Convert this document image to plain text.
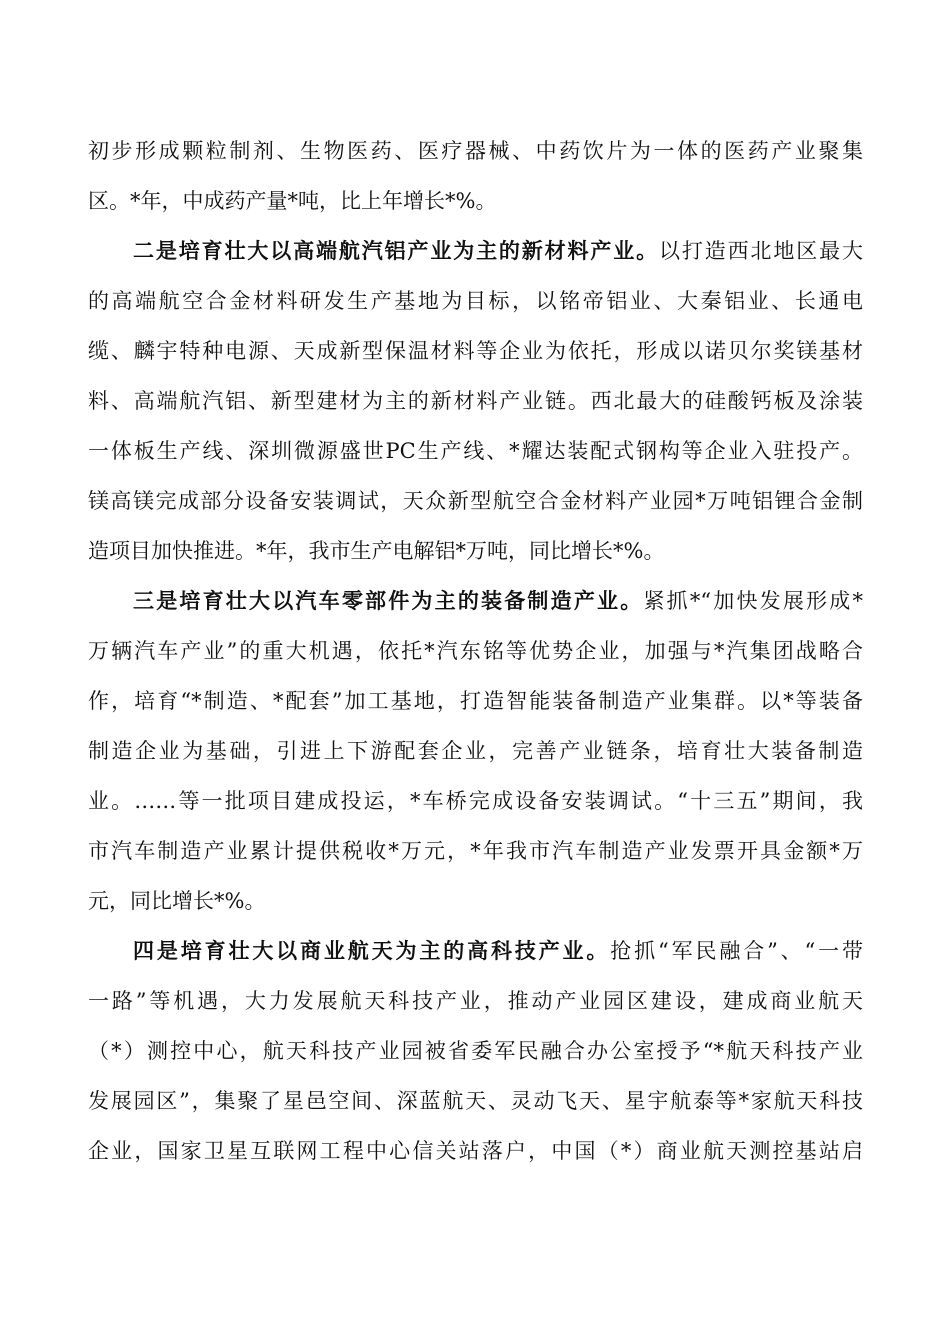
初步形成颗粒制剂、生物医药、医疗器械、中药饮片为一体的医药产业聚集
区。*年，中成药产量*吨，比上年增长*%。
二是培育壮大以高端航汽铝产业为主的新材料产业。以打造西北地区最大
的高端航空合金材料研发生产基地为目标，以铭帝铝业、大秦铝业、长通电
缆、麟宇特种电源、天成新型保温材料等企业为依托，形成以诺贝尔奖镁基材
料、高端航汽铝、新型建材为主的新材料产业链。西北最大的硅酸钙板及涂装
一体板生产线、深圳微源盛世PC生产线、*耀达装配式钢构等企业入驻投产。
镁高镁完成部分设备安装调试，天众新型航空合金材料产业园*万吨铝锂合金制
造项目加快推进。*年，我市生产电解铝*万吨，同比增长*%。
三是培育壮大以汽车零部件为主的装备制造产业。紧抓*“加快发展形成*
万辆汽车产业”的重大机遇，依托*汽东铭等优势企业，加强与*汽集团战略合
作，培育“*制造、*配套”加工基地，打造智能装备制造产业集群。以*等装备
制造企业为基础，引进上下游配套企业，完善产业链条，培育壮大装备制造
业。……等一批项目建成投运，*车桥完成设备安装调试。“十三五”期间，我
市汽车制造产业累计提供税收*万元，*年我市汽车制造产业发票开具金额*万
元，同比增长*%。
四是培育壮大以商业航天为主的高科技产业。抢抓“军民融合”、“一带
一路”等机遇，大力发展航天科技产业，推动产业园区建设，建成商业航天
（*）测控中心，航天科技产业园被省委军民融合办公室授予“*航天科技产业
发展园区”，集聚了星邑空间、深蓝航天、灵动飞天、星宇航泰等*家航天科技
企业，国家卫星互联网工程中心信关站落户，中国（*）商业航天测控基站启
